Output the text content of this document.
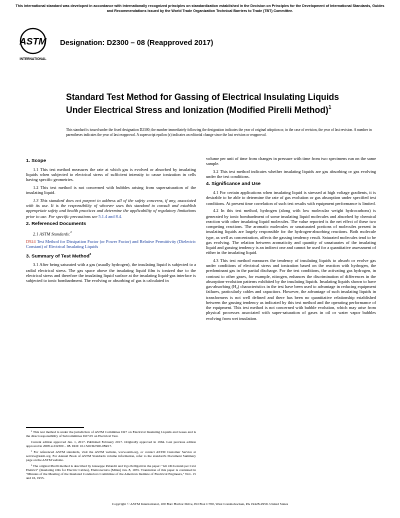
This international standard was developed in accordance with internationally recognized principles on standardization established in the Decision on Principles for the Development of International Standards, Guides and Recommendations issued by the World Trade Organization Technical Barriers to Trade (TBT) Committee.
ASTM
INTERNATIONAL
Designation: D2300 – 08 (Reapproved 2017)
Standard Test Method for Gassing of Electrical Insulating Liquids Under Electrical Stress and Ionization (Modified Pirelli Method)$^1$
This standard is issued under the fixed designation D2300; the number immediately following the designation indicates the year of original adoption or, in the case of revision, the year of last revision. A number in parentheses indicates the year of last reapproval. A superscript epsilon (ε) indicates an editorial change since the last revision or reapproval.
1. Scope

1.1 This test method measures the rate at which gas is evolved or absorbed by insulating liquids when subjected to electrical stress of sufficient intensity to cause ionization in cells having specific geometries.

1.2 This test method is not concerned with bubbles arising from supersaturation of the insulating liquid.

1.3 This standard does not purport to address all of the safety concerns, if any, associated with its use. It is the responsibility of whoever uses this standard to consult and establish appropriate safety and health practices and determine the applicability of regulatory limitations prior to use. For specific precautions see 5.1.4 and 8.4.

2. Referenced Documents

2.1 ASTM Standards:$^2$

D924 Test Method for Dissipation Factor (or Power Factor) and Relative Permittivity (Dielectric Constant) of Electrical Insulating Liquids

3. Summary of Test Method$^3$

3.1 After being saturated with a gas (usually hydrogen), the insulating liquid is subjected to a radial electrical stress. The gas space above the insulating liquid film is ionized due to the electrical stress and therefore the insulating liquid surface at the insulating liquid-gas interface is subjected to ionic bombardment. The evolving or absorbing of gas is calculated in

volume per unit of time from changes in pressure with time from two specimens run on the same sample.

3.2 This test method indicates whether insulating liquids are gas absorbing or gas evolving under the test conditions.

4. Significance and Use

4.1 For certain applications when insulating liquid is stressed at high voltage gradients, it is desirable to be able to determine the rate of gas evolution or gas absorption under specified test conditions. At present time correlation of such test results with equipment performance is limited.

4.2 In this test method, hydrogen (along with low molecular weight hydrocarbons) is generated by ionic bombardment of some insulating liquid molecules and absorbed by chemical reaction with other insulating liquid molecules. The value reported is the net effect of these two competing reactions. The aromatic molecules or unsaturated portions of molecules present in insulating liquids are largely responsible for the hydrogen-absorbing reactions. Both molecule type, as well as concentration, affects the gassing tendency result. Saturated molecules tend to be gas evolving. The relation between aromaticity and quantity of unsaturates of the insulating liquid and gassing tendency is an indirect one and cannot be used for a quantitative assessment of either in the insulating liquid.

4.3 This test method measures the tendency of insulating liquids to absorb or evolve gas under conditions of electrical stress and ionization based on the reaction with hydrogen, the predominant gas in the partial discharge. For the test conditions, the activating gas hydrogen, in contrast to other gases, for example, nitrogen, enhances the discrimination of differences in the absorption-evolution patterns exhibited by the insulating liquids. Insulating liquids shown to have gas-absorbing (H₂) characteristics in the test have been used to advantage in reducing equipment failures, particularly cables and capacitors. However, the advantage of such insulating liquids in transformers is not well defined and there has been no quantitative relationship established between the gassing tendency as indicated by this test method and the operating performance of the equipment. This test method is not concerned with bubble evolution, which may arise from physical processes associated with super-saturation of gases in oil or water vapor bubbles evolving from wet insulation.

¹ This test method is under the jurisdiction of ASTM Committee D27 on Electrical Insulating Liquids and Gases and is the direct responsibility of Subcommittee D27.05 on Electrical Test.

Current edition approved Jan. 1, 2017. Published February 2017. Originally approved in 1964. Last previous edition approved in 2008 as D2300 – 08. DOI: 10.1520/D2300-08R17.

² For referenced ASTM standards, visit the ASTM website, www.astm.org, or contact ASTM Customer Service at service@astm.org. For Annual Book of ASTM Standards volume information, refer to the standard's Document Summary page on the ASTM website.

³ The original Pirelli method is described by Giuseppe Palandri and Ugo Pelligatti in the paper: "Gli Oli Isolanti per Cavi Elettrici" (Insulating Oils for Electric Cables), Elettrotecnica (Milan) Jan. 8, 1955. Translation of this paper is contained in "Minutes of the Meeting of the Insulated Conductors Committee of the American Institute of Electrical Engineers," Nov. 15 and 16, 1955.

Copyright © ASTM International, 100 Barr Harbor Drive, PO Box C700, West Conshohocken, PA 19428-2959. United States
